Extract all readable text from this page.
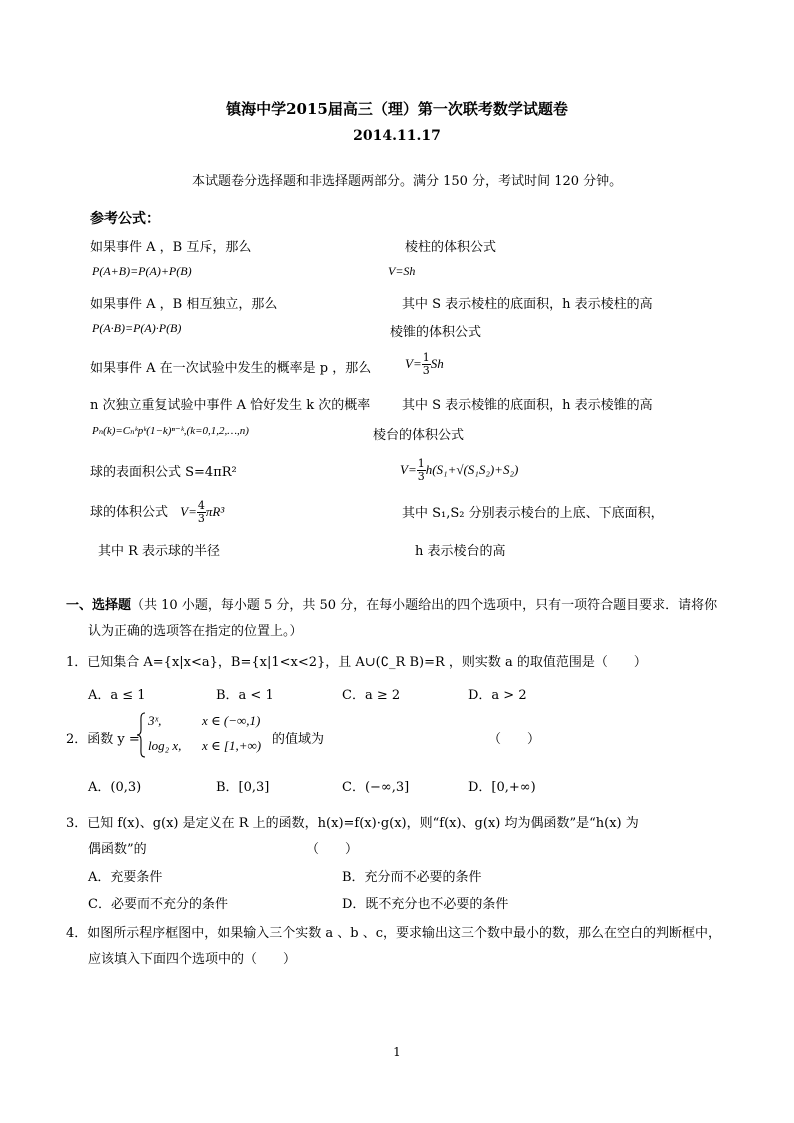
镇海中学2015届高三（理）第一次联考数学试题卷
2014.11.17
本试题卷分选择题和非选择题两部分。满分 150 分，考试时间 120 分钟。
参考公式：
如果事件 A ，B 互斥，那么
P(A+B)=P(A)+P(B)
如果事件 A ，B 相互独立，那么
P(A·B)=P(A)·P(B)
如果事件 A 在一次试验中发生的概率是 p ，那么
n 次独立重复试验中事件 A 恰好发生 k 次的概率
Pₙ(k)=Cₙᵏpᵏ(1−k)ⁿ⁻ᵏ,(k=0,1,2,…,n)
球的表面积公式 S=4πR²
球的体积公式 $V= \frac{4}{3} \pi R^3$
其中 R 表示球的半径
棱柱的体积公式
V=Sh
其中 S 表示棱柱的底面积，h 表示棱柱的高
棱锥的体积公式
$V= \frac{1}{3}$ Sh
其中 S 表示棱锥的底面积，h 表示棱锥的高
棱台的体积公式
$V= \frac{1}{3} h(S_1+√(S_1S_2)+S_2)$
其中 S₁,S₂ 分别表示棱台的上底、下底面积，
h 表示棱台的高
一、选择题（共 10 小题，每小题 5 分，共 50 分，在每小题给出的四个选项中，只有一项符合题目要求．请将你
认为正确的选项答在指定的位置上。）
1．已知集合 A={x|x<a}，B={x|1<x<2}，且 A∪(∁_R B)=R ，则实数 a 的取值范围是（　　）
A．a ≤ 1	B．a < 1	C．a ≥ 2	D．a > 2
2．函数 y =
3ˣ,	x ∈ (−∞,1)
log₂ x, x ∈ [1,+∞) 的值域为	（　　）
A．(0,3)	B．[0,3]	C．(−∞,3]	D．[0,+∞)
3．已知 f(x)、g(x) 是定义在 R 上的函数，h(x)=f(x)·g(x)，则“f(x)、g(x) 均为偶函数”是“h(x) 为
偶函数”的	（　　）
A．充要条件	B．充分而不必要的条件
C．必要而不充分的条件	D．既不充分也不必要的条件
4．如图所示程序框图中，如果输入三个实数 a 、b 、c，要求输出这三个数中最小的数，那么在空白的判断框中，
应该填入下面四个选项中的（　　）
1
